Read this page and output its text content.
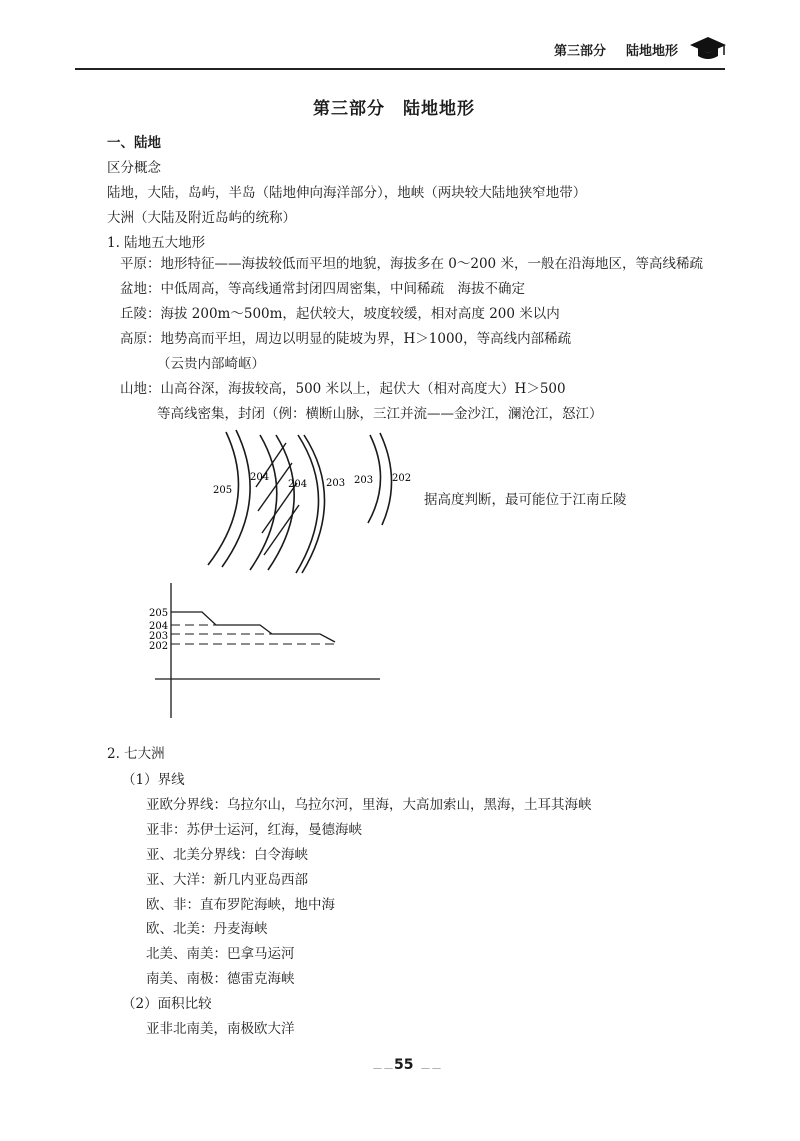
第三部分 陆地地形
第三部分　陆地地形
一、陆地
区分概念
陆地，大陆，岛屿，半岛（陆地伸向海洋部分），地峡（两块较大陆地狭窄地带）
大洲（大陆及附近岛屿的统称）
1. 陆地五大地形
平原：地形特征——海拔较低而平坦的地貌，海拔多在 0～200 米，一般在沿海地区，等高线稀疏
盆地：中低周高，等高线通常封闭四周密集，中间稀疏　海拔不确定
丘陵：海拔 200m～500m，起伏较大，坡度较缓，相对高度 200 米以内
高原：地势高而平坦，周边以明显的陡坡为界，H＞1000，等高线内部稀疏
（云贵内部崎岖）
山地：山高谷深，海拔较高，500 米以上，起伏大（相对高度大）H＞500
等高线密集，封闭（例：横断山脉，三江并流——金沙江，澜沧江，怒江）
205
204
204 203 203 202
据高度判断，最可能位于江南丘陵
205
204
203
202
2. 七大洲
（1）界线
亚欧分界线：乌拉尔山，乌拉尔河，里海，大高加索山，黑海，土耳其海峡
亚非：苏伊士运河，红海，曼德海峡
亚、北美分界线：白令海峡
亚、大洋：新几内亚岛西部
欧、非：直布罗陀海峡，地中海
欧、北美：丹麦海峡
北美、南美：巴拿马运河
南美、南极：德雷克海峡
（2）面积比较
亚非北南美，南极欧大洋
－－ 55 －－
